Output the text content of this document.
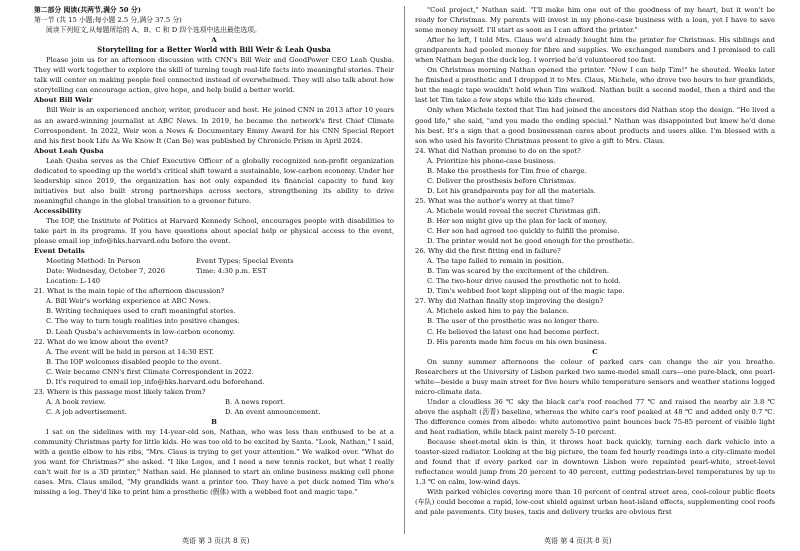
第二部分 阅读(共两节,满分 50 分)

第一节 (共 15 小题;每小题 2.5 分,满分 37.5 分)

阅读下列短文,从每题所给的 A、B、C 和 D 四个选项中选出最佳选项。

A

Storytelling for a Better World with Bill Weir & Leah Qusba

Please join us for an afternoon discussion with CNN's Bill Weir and GoodPower CEO Leah Qusba. They will work together to explore the skill of turning tough real-life facts into meaningful stories. Their talk will center on making people feel connected instead of overwhelmed. They will also talk about how storytelling can encourage action, give hope, and help build a better world.

About Bill Weir

Bill Weir is an experienced anchor, writer, producer and host. He joined CNN in 2013 after 10 years as an award-winning journalist at ABC News. In 2019, he became the network's first Chief Climate Correspondent. In 2022, Weir won a News & Documentary Emmy Award for his CNN Special Report and his first book Life As We Know It (Can Be) was published by Chronicle Prism in April 2024.

About Leah Qusba

Leah Qusba serves as the Chief Executive Officer of a globally recognized non-profit organization dedicated to speeding up the world's critical shift toward a sustainable, low-carbon economy. Under her leadership since 2019, the organization has not only expanded its financial capacity to fund key initiatives but also built strong partnerships across sectors, strengthening its ability to drive meaningful change in the global transition to a greener future.

Accessibility

The IOP, the Institute of Politics at Harvard Kennedy School, encourages people with disabilities to take part in its programs. If you have questions about special help or physical access to the event, please email iop_info@hks.harvard.edu before the event.

Event Details

Meeting Method: In Person	Event Types: Special Events
Date: Wednesday, October 7, 2026	Time: 4:30 p.m. EST
Location: L-140

21. What is the main topic of the afternoon discussion?

A. Bill Weir's working experience at ABC News.
B. Writing techniques used to craft meaningful stories.
C. The way to turn tough realities into positive changes.
D. Leah Qusba's achievements in low-carbon economy.

22. What do we know about the event?

A. The event will be held in person at 14:30 EST.
B. The IOP welcomes disabled people to the event.
C. Weir became CNN's first Climate Correspondent in 2022.
D. It's required to email iop_info@hks.harvard.edu beforehand.

23. Where is this passage most likely taken from?

A. A book review.	B. A news report.
C. A job advertisement.	D. An event announcement.

B

I sat on the sidelines with my 14-year-old son, Nathan, who was less than enthused to be at a community Christmas party for little kids. He was too old to be excited by Santa. "Look, Nathan," I said, with a gentle elbow to his ribs, "Mrs. Claus is trying to get your attention." We walked over. "What do you want for Christmas?" she asked. "I like Legos, and I need a new tennis racket, but what I really can't wait for is a 3D printer," Nathan said. He planned to start an online business making cell phone cases. Mrs. Claus smiled, "My grandkids want a printer too. They have a pet duck named Tim who's missing a leg. They'd like to print him a prosthetic (假体) with a webbed foot and magic tape."

"Cool project," Nathan said. "I'll make him one out of the goodness of my heart, but it won't be ready for Christmas. My parents will invest in my phone-case business with a loan, yet I have to save some money myself. I'll start as soon as I can afford the printer."

After he left, I told Mrs. Claus we'd already bought him the printer for Christmas. His siblings and grandparents had pooled money for fibre and supplies. We exchanged numbers and I promised to call when Nathan began the duck leg. I worried he'd volunteered too fast.

On Christmas morning Nathan opened the printer. "Now I can help Tim!" he shouted. Weeks later he finished a prosthetic and I dropped it to Mrs. Claus, Michele, who drove two hours to her grandkids, but the magic tape wouldn't hold when Tim walked. Nathan built a second model, then a third and the last let Tim take a few steps while the kids cheered.

Only when Michele texted that Tim had joined the ancestors did Nathan stop the design. "He lived a good life," she said, "and you made the ending special." Nathan was disappointed but knew he'd done his best. It's a sign that a good businessman cares about products and users alike. I'm blessed with a son who used his favorite Christmas present to give a gift to Mrs. Claus.

24. What did Nathan promise to do on the spot?

A. Prioritize his phone-case business.
B. Make the prosthesis for Tim free of charge.
C. Deliver the prosthesis before Christmas.
D. Let his grandparents pay for all the materials.

25. What was the author's worry at that time?

A. Michele would reveal the secret Christmas gift.
B. Her son might give up the plan for lack of money.
C. Her son had agreed too quickly to fulfill the promise.
D. The printer would not be good enough for the prosthetic.

26. Why did the first fitting end in failure?

A. The tape failed to remain in position.
B. Tim was scared by the excitement of the children.
C. The two-hour drive caused the prosthetic not to hold.
D. Tim's webbed foot kept slipping out of the magic tape.

27. Why did Nathan finally stop improving the design?

A. Michele asked him to pay the balance.
B. The user of the prosthetic was no longer there.
C. He believed the latest one had become perfect.
D. His parents made him focus on his own business.

C

On sunny summer afternoons the colour of parked cars can change the air you breathe. Researchers at the University of Lisbon parked two same-model small cars—one pure-black, one pearl-white—beside a busy main street for five hours while temperature sensors and weather stations logged micro-climate data.

Under a cloudless 36 ℃ sky the black car's roof reached 77 ℃ and raised the nearby air 3.8 ℃ above the asphalt (沥青) baseline, whereas the white car's roof peaked at 48 ℃ and added only 0.7 ℃. The difference comes from albedo: white automotive paint bounces back 75-85 percent of visible light and heat radiation, while black paint merely 5-10 percent.

Because sheet-metal skin is thin, it throws heat back quickly, turning each dark vehicle into a toaster-sized radiator. Looking at the big picture, the team fed hourly readings into a city-climate model and found that if every parked car in downtown Lisbon were repainted pearl-white, street-level reflectance would jump from 20 percent to 40 percent, cutting pedestrian-level temperatures by up to 1.3 ℃ on calm, low-wind days.

With parked vehicles covering more than 10 percent of central street area, cool-colour public fleets (车队) could become a rapid, low-cost shield against urban heat-island effects, supplementing cool roofs and pale pavements. City buses, taxis and delivery trucks are obvious first

英语 第 3 页(共 8 页)	英语 第 4 页(共 8 页)
